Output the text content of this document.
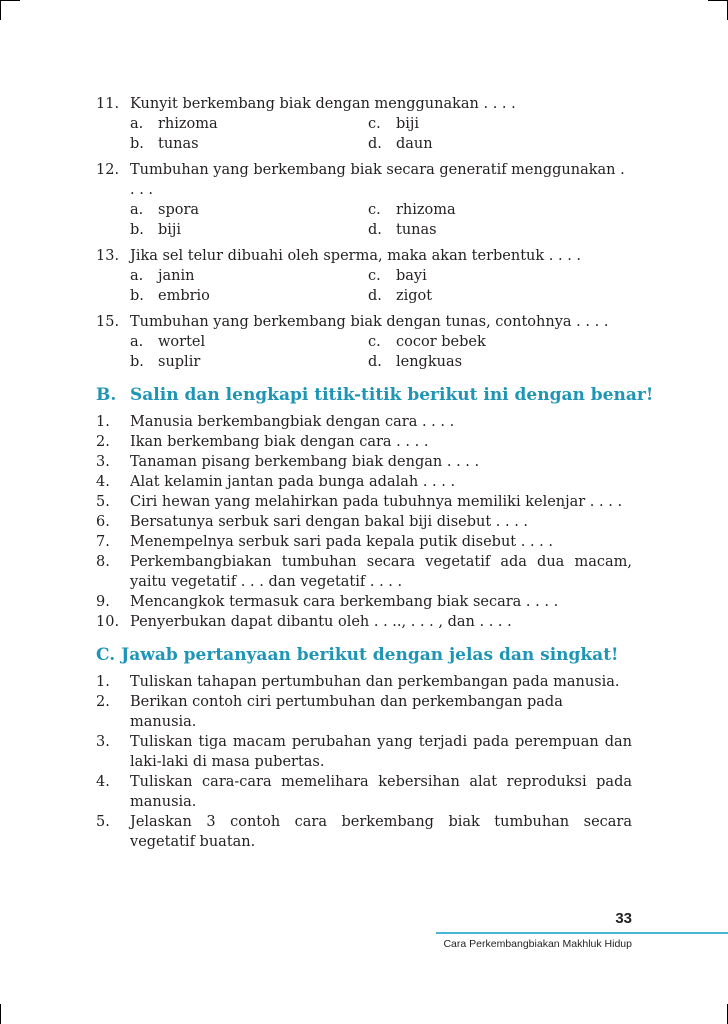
11. Kunyit berkembang biak dengan menggunakan . . . .
a. rhizoma	c. biji
b. tunas	d. daun
12. Tumbuhan yang berkembang biak secara generatif menggunakan . . . .
a. spora	c. rhizoma
b. biji	d. tunas
13. Jika sel telur dibuahi oleh sperma, maka akan terbentuk . . . .
a. janin	c. bayi
b. embrio	d. zigot
15. Tumbuhan yang berkembang biak dengan tunas, contohnya . . . .
a. wortel	c. cocor bebek
b. suplir	d. lengkuas
B. Salin dan lengkapi titik-titik berikut ini dengan benar!
1. Manusia berkembangbiak dengan cara . . . .
2. Ikan berkembang biak dengan cara . . . .
3. Tanaman pisang berkembang biak dengan . . . .
4. Alat kelamin jantan pada bunga adalah . . . .
5. Ciri hewan yang melahirkan pada tubuhnya memiliki kelenjar . . . .
6. Bersatunya serbuk sari dengan bakal biji disebut . . . .
7. Menempelnya serbuk sari pada kepala putik disebut . . . .
8. Perkembangbiakan tumbuhan secara vegetatif ada dua macam, yaitu vegetatif . . . dan vegetatif . . . .
9. Mencangkok termasuk cara berkembang biak secara . . . .
10. Penyerbukan dapat dibantu oleh . . .., . . . , dan . . . .
C. Jawab pertanyaan berikut dengan jelas dan singkat!
1. Tuliskan tahapan pertumbuhan dan perkembangan pada manusia.
2. Berikan contoh ciri pertumbuhan dan perkembangan pada manusia.
3. Tuliskan tiga macam perubahan yang terjadi pada perempuan dan laki-laki di masa pubertas.
4. Tuliskan cara-cara memelihara kebersihan alat reproduksi pada manusia.
5. Jelaskan 3 contoh cara berkembang biak tumbuhan secara vegetatif buatan.
33
Cara Perkembangbiakan Makhluk Hidup
